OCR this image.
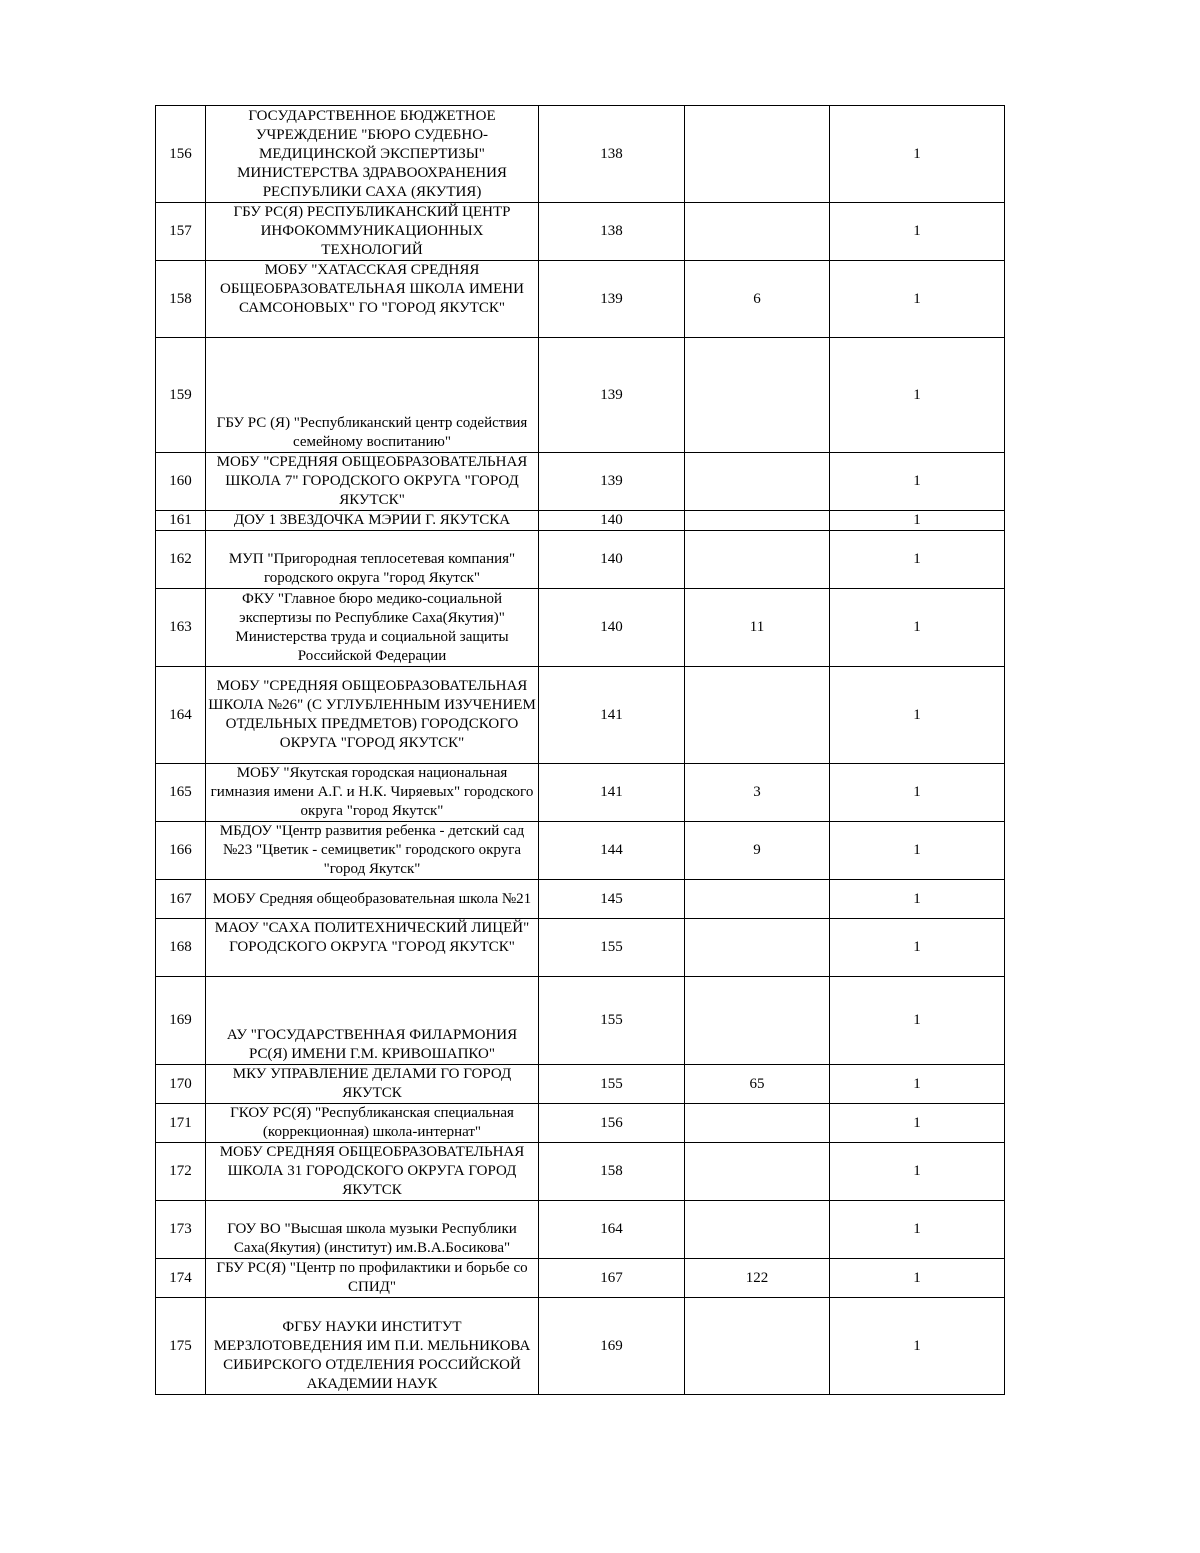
156	ГОСУДАРСТВЕННОЕ БЮДЖЕТНОЕ УЧРЕЖДЕНИЕ "БЮРО СУДЕБНО-МЕДИЦИНСКОЙ ЭКСПЕРТИЗЫ" МИНИСТЕРСТВА ЗДРАВООХРАНЕНИЯ РЕСПУБЛИКИ САХА (ЯКУТИЯ)	138		1
157	ГБУ РС(Я) РЕСПУБЛИКАНСКИЙ ЦЕНТР ИНФОКОММУНИКАЦИОННЫХ ТЕХНОЛОГИЙ	138		1
158	МОБУ "ХАТАССКАЯ СРЕДНЯЯ ОБЩЕОБРАЗОВАТЕЛЬНАЯ ШКОЛА ИМЕНИ САМСОНОВЫХ" ГО "ГОРОД ЯКУТСК"	139	6	1
159	ГБУ РС (Я) "Республиканский центр содействия семейному воспитанию"	139		1
160	МОБУ "СРЕДНЯЯ ОБЩЕОБРАЗОВАТЕЛЬНАЯ ШКОЛА 7" ГОРОДСКОГО ОКРУГА "ГОРОД ЯКУТСК"	139		1
161	ДОУ 1 ЗВЕЗДОЧКА МЭРИИ Г. ЯКУТСКА	140		1
162	МУП "Пригородная теплосетевая компания" городского округа "город Якутск"	140		1
163	ФКУ "Главное бюро медико-социальной экспертизы по Республике Саха(Якутия)" Министерства труда и социальной защиты Российской Федерации	140	11	1
164	МОБУ "СРЕДНЯЯ ОБЩЕОБРАЗОВАТЕЛЬНАЯ ШКОЛА №26" (С УГЛУБЛЕННЫМ ИЗУЧЕНИЕМ ОТДЕЛЬНЫХ ПРЕДМЕТОВ) ГОРОДСКОГО ОКРУГА "ГОРОД ЯКУТСК"	141		1
165	МОБУ "Якутская городская национальная гимназия имени А.Г. и Н.К. Чиряевых" городского округа "город Якутск"	141	3	1
166	МБДОУ "Центр развития ребенка - детский сад №23 "Цветик - семицветик" городского округа "город Якутск"	144	9	1
167	МОБУ Средняя общеобразовательная школа №21	145		1
168	МАОУ "САХА ПОЛИТЕХНИЧЕСКИЙ ЛИЦЕЙ" ГОРОДСКОГО ОКРУГА "ГОРОД ЯКУТСК"	155		1
169	АУ "ГОСУДАРСТВЕННАЯ ФИЛАРМОНИЯ РС(Я) ИМЕНИ Г.М. КРИВОШАПКО"	155		1
170	МКУ УПРАВЛЕНИЕ ДЕЛАМИ ГО ГОРОД ЯКУТСК	155	65	1
171	ГКОУ РС(Я) "Республиканская специальная (коррекционная) школа-интернат"	156		1
172	МОБУ СРЕДНЯЯ ОБЩЕОБРАЗОВАТЕЛЬНАЯ ШКОЛА 31 ГОРОДСКОГО ОКРУГА ГОРОД ЯКУТСК	158		1
173	ГОУ ВО "Высшая школа музыки Республики Саха(Якутия) (институт) им.В.А.Босикова"	164		1
174	ГБУ РС(Я) "Центр по профилактики и борьбе со СПИД"	167	122	1
175	ФГБУ НАУКИ ИНСТИТУТ МЕРЗЛОТОВЕДЕНИЯ ИМ П.И. МЕЛЬНИКОВА СИБИРСКОГО ОТДЕЛЕНИЯ РОССИЙСКОЙ АКАДЕМИИ НАУК	169		1
